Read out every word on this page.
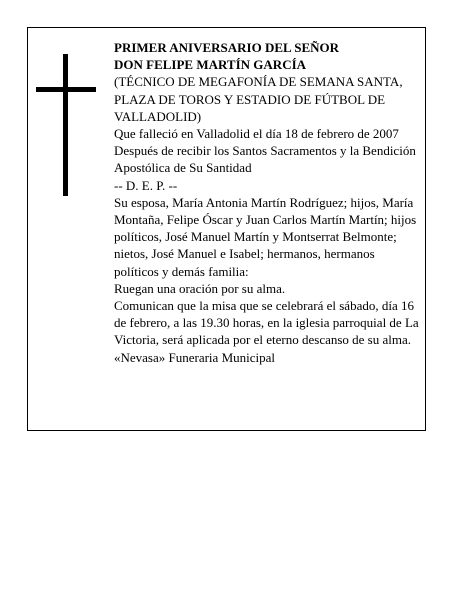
PRIMER ANIVERSARIO DEL SEÑOR

DON FELIPE MARTÍN GARCÍA

(TÉCNICO DE MEGAFONÍA DE SEMANA SANTA, PLAZA DE TOROS Y ESTADIO DE FÚTBOL DE VALLADOLID)

Que falleció en Valladolid el día 18 de febrero de 2007

Después de recibir los Santos Sacramentos y la Bendición Apostólica de Su Santidad

-- D. E. P. --

Su esposa, María Antonia Martín Rodríguez; hijos, María Montaña, Felipe Óscar y Juan Carlos Martín Martín; hijos políticos, José Manuel Martín y Montserrat Belmonte; nietos, José Manuel e Isabel; hermanos, hermanos políticos y demás familia:

Ruegan una oración por su alma.

Comunican que la misa que se celebrará el sábado, día 16 de febrero, a las 19.30 horas, en la iglesia parroquial de La Victoria, será aplicada por el eterno descanso de su alma.

«Nevasa» Funeraria Municipal
